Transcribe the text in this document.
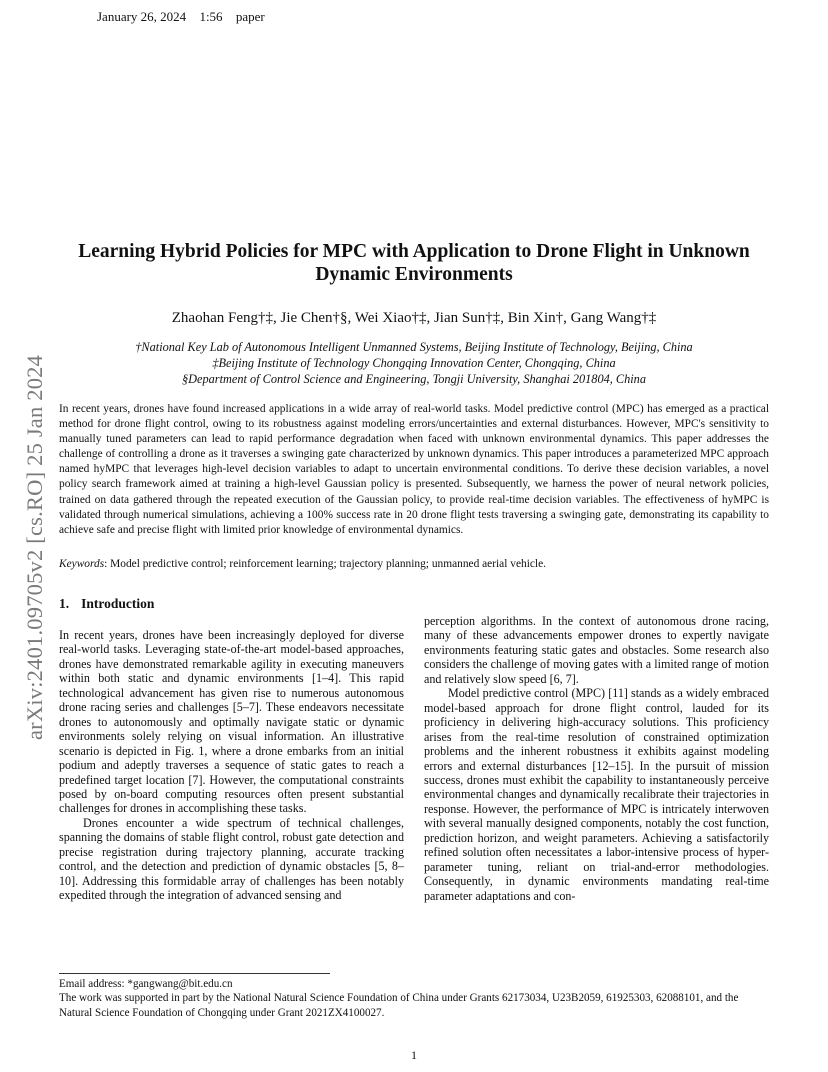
January 26, 2024 1:56 paper
arXiv:2401.09705v2 [cs.RO] 25 Jan 2024
Learning Hybrid Policies for MPC with Application to Drone Flight in Unknown Dynamic Environments
Zhaohan Feng†‡, Jie Chen†§, Wei Xiao†‡, Jian Sun†‡, Bin Xin†, Gang Wang†‡
†National Key Lab of Autonomous Intelligent Unmanned Systems, Beijing Institute of Technology, Beijing, China
‡Beijing Institute of Technology Chongqing Innovation Center, Chongqing, China
§Department of Control Science and Engineering, Tongji University, Shanghai 201804, China
In recent years, drones have found increased applications in a wide array of real-world tasks. Model predictive control (MPC) has emerged as a practical method for drone flight control, owing to its robustness against modeling errors/uncertainties and external disturbances. However, MPC's sensitivity to manually tuned parameters can lead to rapid performance degradation when faced with unknown environmental dynamics. This paper addresses the challenge of controlling a drone as it traverses a swinging gate characterized by unknown dynamics. This paper introduces a parameterized MPC approach named hyMPC that leverages high-level decision variables to adapt to uncertain environmental conditions. To derive these decision variables, a novel policy search framework aimed at training a high-level Gaussian policy is presented. Subsequently, we harness the power of neural network policies, trained on data gathered through the repeated execution of the Gaussian policy, to provide real-time decision variables. The effectiveness of hyMPC is validated through numerical simulations, achieving a 100% success rate in 20 drone flight tests traversing a swinging gate, demonstrating its capability to achieve safe and precise flight with limited prior knowledge of environmental dynamics.
Keywords: Model predictive control; reinforcement learning; trajectory planning; unmanned aerial vehicle.
1. Introduction

In recent years, drones have been increasingly deployed for diverse real-world tasks. Leveraging state-of-the-art model-based approaches, drones have demonstrated remarkable agility in executing maneuvers within both static and dynamic environments [1–4]. This rapid technological advancement has given rise to numerous autonomous drone racing series and challenges [5–7]. These endeavors necessitate drones to autonomously and optimally navigate static or dynamic environments solely relying on visual information. An illustrative scenario is depicted in Fig. 1, where a drone embarks from an initial podium and adeptly traverses a sequence of static gates to reach a predefined target location [7]. However, the computational constraints posed by on-board computing resources often present substantial challenges for drones in accomplishing these tasks.

Drones encounter a wide spectrum of technical challenges, spanning the domains of stable flight control, robust gate detection and precise registration during trajectory planning, accurate tracking control, and the detection and prediction of dynamic obstacles [5, 8–10]. Addressing this formidable array of challenges has been notably expedited through the integration of advanced sensing and

perception algorithms. In the context of autonomous drone racing, many of these advancements empower drones to expertly navigate environments featuring static gates and obstacles. Some research also considers the challenge of moving gates with a limited range of motion and relatively slow speed [6, 7].

Model predictive control (MPC) [11] stands as a widely embraced model-based approach for drone flight control, lauded for its proficiency in delivering high-accuracy solutions. This proficiency arises from the real-time resolution of constrained optimization problems and the inherent robustness it exhibits against modeling errors and external disturbances [12–15]. In the pursuit of mission success, drones must exhibit the capability to instantaneously perceive environmental changes and dynamically recalibrate their trajectories in response. However, the performance of MPC is intricately interwoven with several manually designed components, notably the cost function, prediction horizon, and weight parameters. Achieving a satisfactorily refined solution often necessitates a labor-intensive process of hyper-parameter tuning, reliant on trial-and-error methodologies. Consequently, in dynamic environments mandating real-time parameter adaptations and con-

Email address: *gangwang@bit.edu.cn

The work was supported in part by the National Natural Science Foundation of China under Grants 62173034, U23B2059, 61925303, 62088101, and the Natural Science Foundation of Chongqing under Grant 2021ZX4100027.

1
